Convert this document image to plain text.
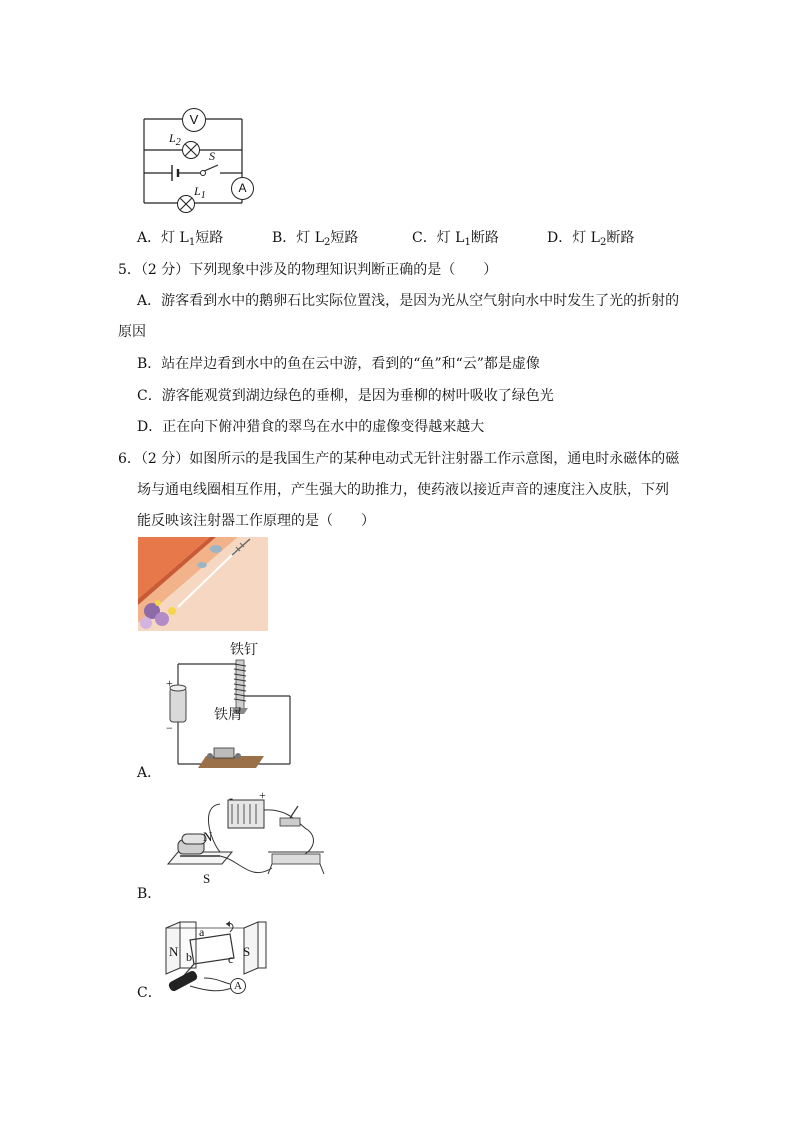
V
$L_2$
S
A
$L_1$
A．灯 $L_1$短路	B．灯 $L_2$短路	C．灯 $L_1$断路	D．灯 $L_2$断路
5．（2 分）下列现象中涉及的物理知识判断正确的是（　　）
A．游客看到水中的鹅卵石比实际位置浅，是因为光从空气射向水中时发生了光的折射的
原因
B．站在岸边看到水中的鱼在云中游，看到的“鱼”和“云”都是虚像
C．游客能观赏到湖边绿色的垂柳，是因为垂柳的树叶吸收了绿色光
D．正在向下俯冲猎食的翠鸟在水中的虚像变得越来越大
6．（2 分）如图所示的是我国生产的某种电动式无针注射器工作示意图，通电时永磁体的磁
场与通电线圈相互作用，产生强大的助推力，使药液以接近声音的速度注入皮肤，下列
能反映该注射器工作原理的是（　　）
+
−
铁钉
铁屑
A．
- +
N
S
B．
N	S
a
b	c
A
C．
